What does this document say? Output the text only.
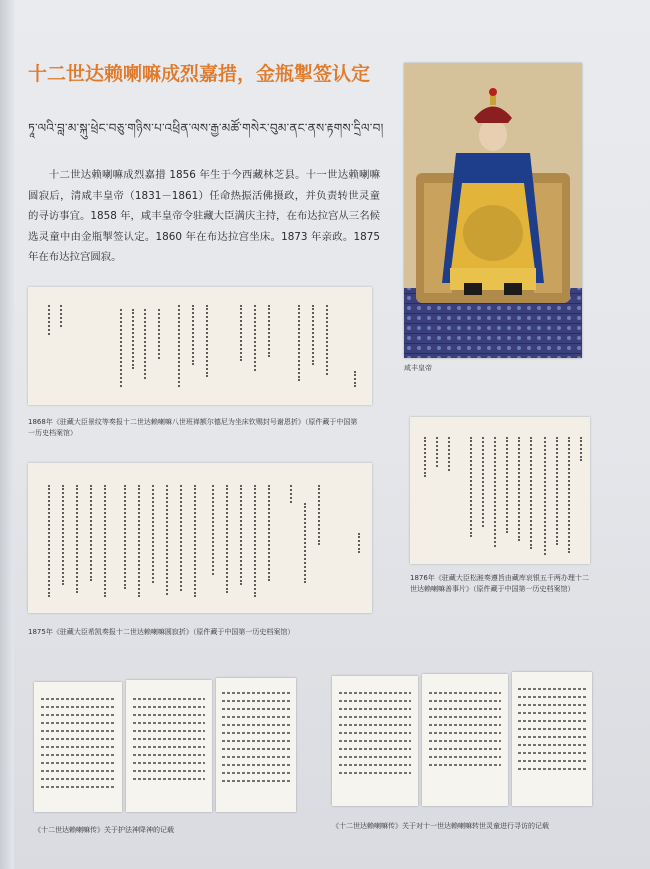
十二世达赖喇嘛成烈嘉措，金瓶掣签认定

ཏཱ་ལའི་བླ་མ་སྐུ་ཕྲེང་བཅུ་གཉིས་པ་འཕྲིན་ལས་རྒྱ་མཚོ་གསེར་བུམ་ནང་ནས་རྟགས་དྲིལ་བ།

十二世达赖喇嘛成烈嘉措 1856 年生于今西藏林芝县。十一世达赖喇嘛圆寂后，清咸丰皇帝（1831－1861）任命热振活佛摄政，并负责转世灵童的寻访事宜。1858 年，咸丰皇帝令驻藏大臣满庆主持，在布达拉宫从三名候选灵童中由金瓶掣签认定。1860 年在布达拉宫坐床。1873 年亲政。1875 年在布达拉宫圆寂。

咸丰皇帝

1868年《驻藏大臣景纹等奏报十二世达赖喇嘛八世班禅额尔德尼为坐床钦赐封号谢恩折》（原件藏于中国第一历史档案馆）

1876年《驻藏大臣松溎奏遵旨由藏库哀银五千两办理十二世达赖喇嘛善事片》（原件藏于中国第一历史档案馆）

1875年《驻藏大臣希凯奏报十二世达赖喇嘛圆寂折》（原件藏于中国第一历史档案馆）

《十二世达赖喇嘛传》关于护法神降神的记载	《十二世达赖喇嘛传》关于对十一世达赖喇嘛转世灵童进行寻访的记载
